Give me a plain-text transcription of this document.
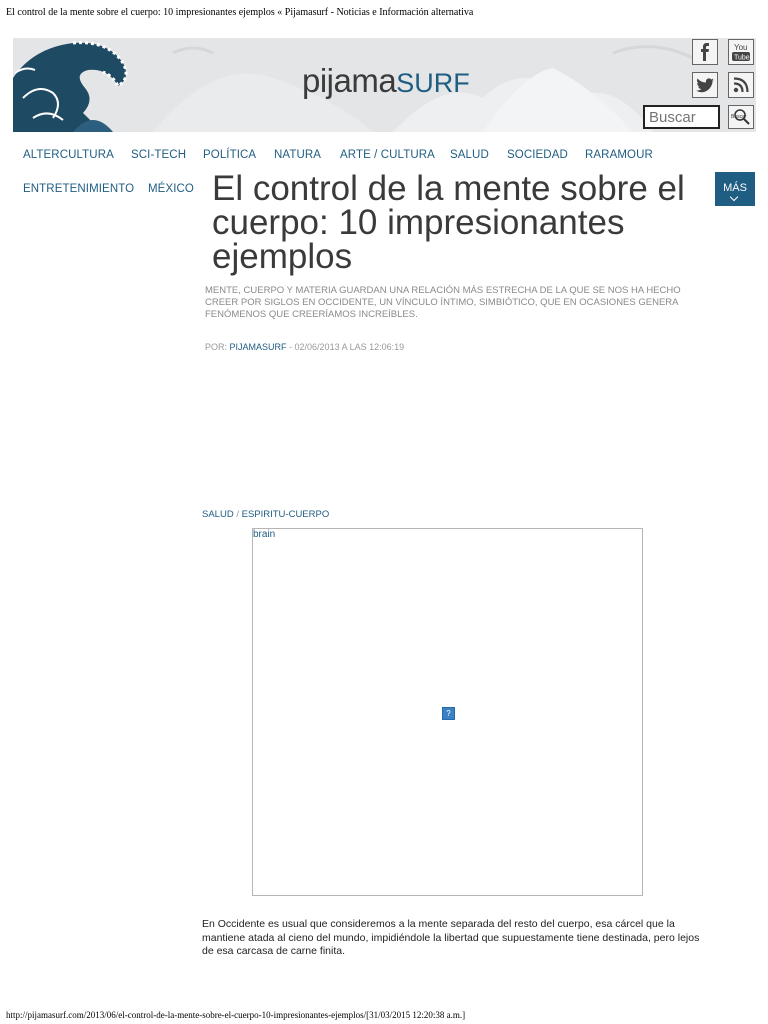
El control de la mente sobre el cuerpo: 10 impresionantes ejemplos « Pijamasurf - Noticias e Información alternativa
pijamaSURF
You
Tube
Buscar
Buscar
ALTERCULTURA SCI-TECH POLÍTICA NATURA ARTE / CULTURA SALUD SOCIEDAD RARAMOUR
ENTRETENIMIENTO MÉXICO	MÁS
El control de la mente sobre el cuerpo: 10 impresionantes ejemplos

MENTE, CUERPO Y MATERIA GUARDAN UNA RELACIÓN MÁS ESTRECHA DE LA QUE SE NOS HA HECHO CREER POR SIGLOS EN OCCIDENTE, UN VÍNCULO ÍNTIMO, SIMBIÓTICO, QUE EN OCASIONES GENERA FENÓMENOS QUE CREERÍAMOS INCREÍBLES.

POR: PIJAMASURF - 02/06/2013 A LAS 12:06:19
SALUD / ESPIRITU-CUERPO
brain
?

En Occidente es usual que consideremos a la mente separada del resto del cuerpo, esa cárcel que la mantiene atada al cieno del mundo, impidiéndole la libertad que supuestamente tiene destinada, pero lejos de esa carcasa de carne finita.

http://pijamasurf.com/2013/06/el-control-de-la-mente-sobre-el-cuerpo-10-impresionantes-ejemplos/[31/03/2015 12:20:38 a.m.]
